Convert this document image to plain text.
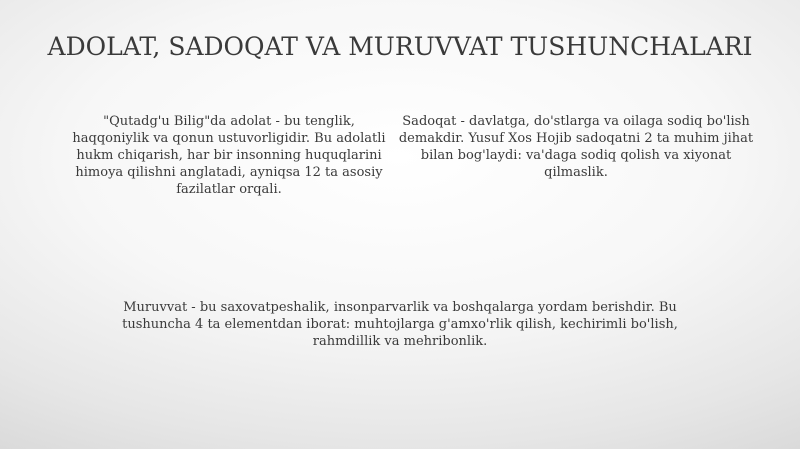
ADOLAT, SADOQAT VA MURUVVAT TUSHUNCHALARI
"Qutadg'u Bilig"da adolat - bu tenglik, haqqoniylik va qonun ustuvorligidir. Bu adolatli hukm chiqarish, har bir insonning huquqlarini himoya qilishni anglatadi, ayniqsa 12 ta asosiy fazilatlar orqali.
Sadoqat - davlatga, do'stlarga va oilaga sodiq bo'lish demakdir. Yusuf Xos Hojib sadoqatni 2 ta muhim jihat bilan bog'laydi: va'daga sodiq qolish va xiyonat qilmaslik.
Muruvvat - bu saxovatpeshalik, insonparvarlik va boshqalarga yordam berishdir. Bu tushuncha 4 ta elementdan iborat: muhtojlarga g'amxo'rlik qilish, kechirimli bo'lish, rahmdillik va mehribonlik.
